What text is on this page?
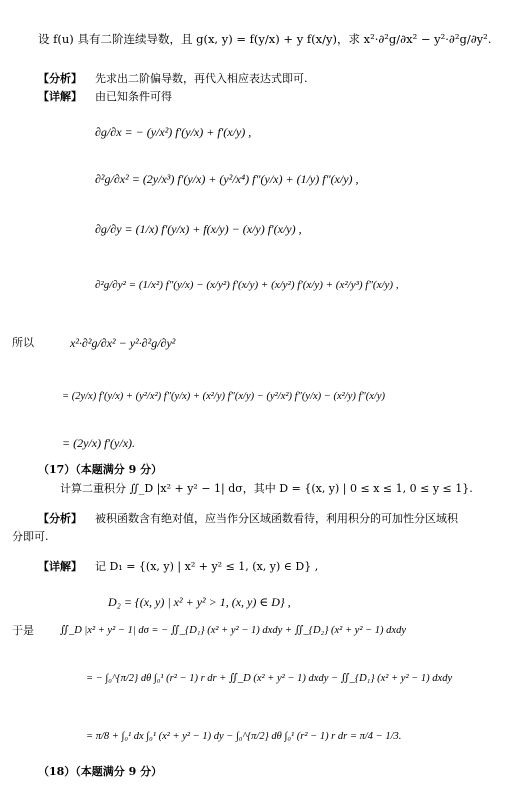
设 f(u) 具有二阶连续导数，且 g(x, y) = f(y/x) + y f(x/y)，求 x²·∂²g/∂x² − y²·∂²g/∂y².
【分析】 先求出二阶偏导数，再代入相应表达式即可.
【详解】 由已知条件可得
∂g/∂x = − (y/x²) f′(y/x) + f′(x/y) ,
∂²g/∂x² = (2y/x³) f′(y/x) + (y²/x⁴) f″(y/x) + (1/y) f″(x/y) ,
∂g/∂y = (1/x) f′(y/x) + f(x/y) − (x/y) f′(x/y) ,
∂²g/∂y² = (1/x²) f″(y/x) − (x/y²) f′(x/y) + (x/y²) f′(x/y) + (x²/y³) f″(x/y) ,
所以	x²·∂²g/∂x² − y²·∂²g/∂y²
= (2y/x) f′(y/x) + (y²/x²) f″(y/x) + (x²/y) f″(x/y) − (y²/x²) f″(y/x) − (x²/y) f″(x/y)
= (2y/x) f′(y/x).
（17）（本题满分 9 分）
计算二重积分 ∬_D |x² + y² − 1| dσ，其中 D = {(x, y) | 0 ≤ x ≤ 1, 0 ≤ y ≤ 1}.
【分析】 被积函数含有绝对值，应当作分区域函数看待，利用积分的可加性分区域积
分即可.
【详解】 记 D₁ = {(x, y) | x² + y² ≤ 1, (x, y) ∈ D} ,
D₂ = {(x, y) | x² + y² > 1, (x, y) ∈ D} ,
于是 ∬_D |x² + y² − 1| dσ = − ∬_{D₁} (x² + y² − 1) dxdy + ∬_{D₂} (x² + y² − 1) dxdy
= − ∫₀^{π/2} dθ ∫₀¹ (r² − 1) r dr + ∬_D (x² + y² − 1) dxdy − ∬_{D₁} (x² + y² − 1) dxdy
= π/8 + ∫₀¹ dx ∫₀¹ (x² + y² − 1) dy − ∫₀^{π/2} dθ ∫₀¹ (r² − 1) r dr = π/4 − 1/3.
（18）（本题满分 9 分）
